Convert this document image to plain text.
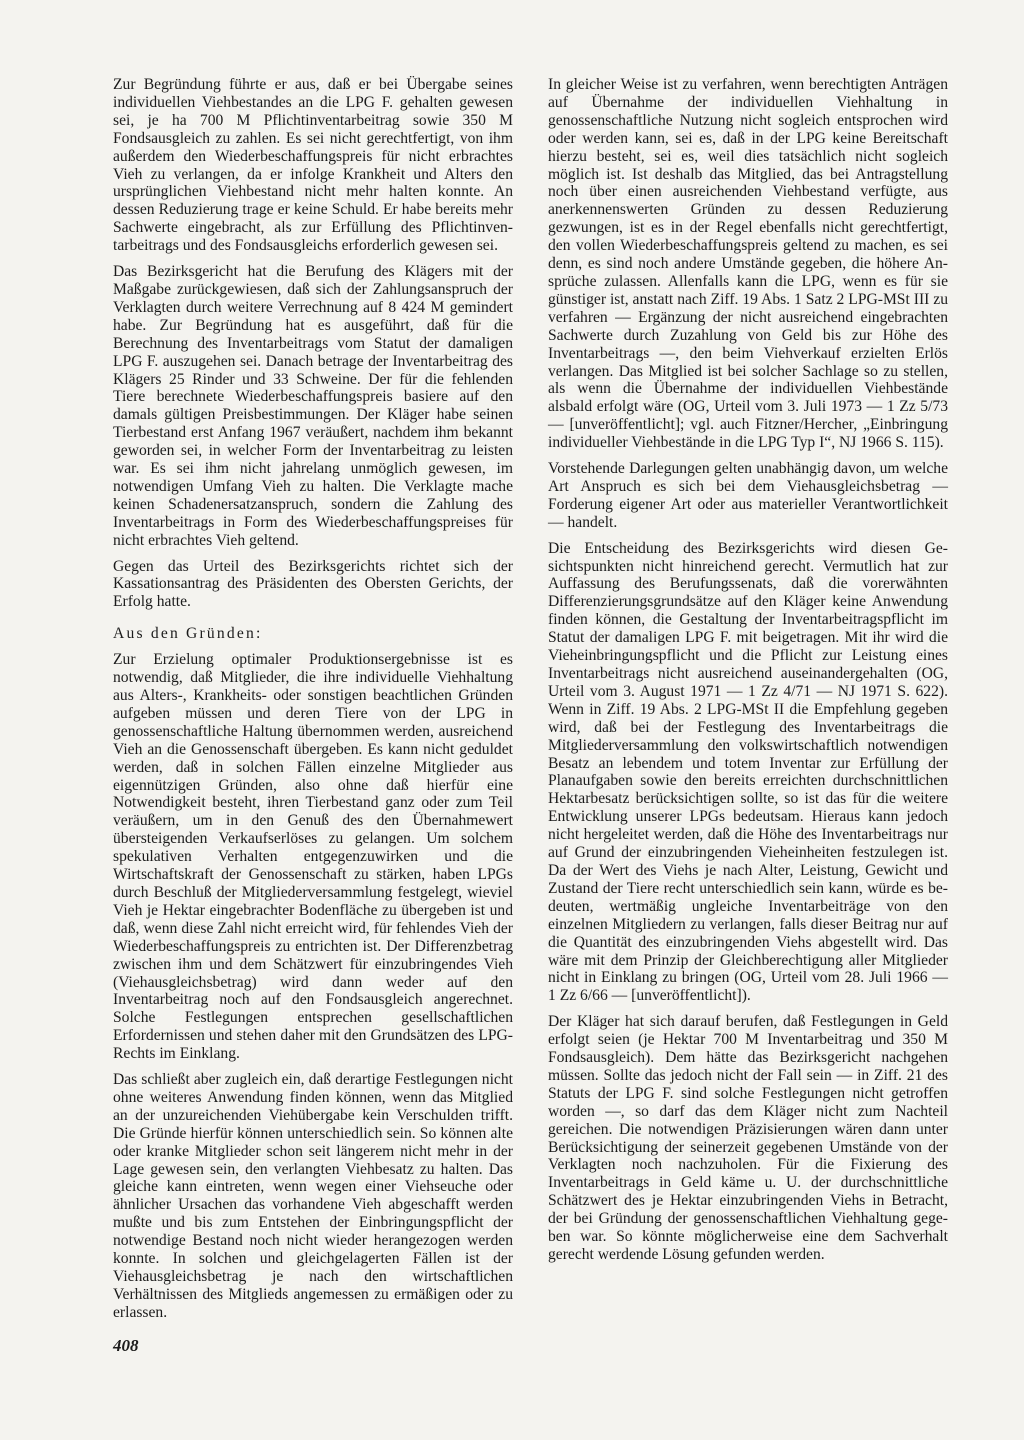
Zur Begründung führte er aus, daß er bei Übergabe seines individuellen Viehbestandes an die LPG F. gehalten gewesen sei, je ha 700 M Pflichtinventarbeitrag sowie 350 M Fondsausgleich zu zahlen. Es sei nicht gerechtfertigt, von ihm außerdem den Wiederbeschaffungspreis für nicht erbrachtes Vieh zu verlangen, da er infolge Krankheit und Alters den ursprünglichen Viehbestand nicht mehr halten konnte. An dessen Reduzierung trage er keine Schuld. Er habe bereits mehr Sachwerte eingebracht, als zur Erfüllung des Pflichtinventarbeitrags und des Fondsausgleichs erforderlich gewesen sei.

Das Bezirksgericht hat die Berufung des Klägers mit der Maßgabe zurückgewiesen, daß sich der Zahlungsanspruch der Verklagten durch weitere Verrechnung auf 8 424 M gemindert habe. Zur Begründung hat es ausgeführt, daß für die Berechnung des Inventarbeitrags vom Statut der damaligen LPG F. auszugehen sei. Danach betrage der Inventarbeitrag des Klägers 25 Rinder und 33 Schweine. Der für die fehlenden Tiere berechnete Wiederbeschaffungspreis basiere auf den damals gültigen Preisbestimmungen. Der Kläger habe seinen Tierbestand erst Anfang 1967 veräußert, nachdem ihm bekannt geworden sei, in welcher Form der Inventarbeitrag zu leisten war. Es sei ihm nicht jahrelang unmöglich gewesen, im notwendigen Umfang Vieh zu halten. Die Verklagte mache keinen Schadenersatzanspruch, sondern die Zahlung des Inventarbeitrags in Form des Wiederbeschaffungspreises für nicht erbrachtes Vieh geltend.

Gegen das Urteil des Bezirksgerichts richtet sich der Kassationsantrag des Präsidenten des Obersten Gerichts, der Erfolg hatte.

Aus den Gründen:

Zur Erzielung optimaler Produktionsergebnisse ist es notwendig, daß Mitglieder, die ihre individuelle Viehhaltung aus Alters-, Krankheits- oder sonstigen beachtlichen Gründen aufgeben müssen und deren Tiere von der LPG in genossenschaftliche Haltung übernommen werden, ausreichend Vieh an die Genossenschaft übergeben. Es kann nicht geduldet werden, daß in solchen Fällen einzelne Mitglieder aus eigennützigen Gründen, also ohne daß hierfür eine Notwendigkeit besteht, ihren Tierbestand ganz oder zum Teil veräußern, um in den Genuß des den Übernahmewert übersteigenden Verkaufserlöses zu gelangen. Um solchem spekulativen Verhalten entgegenzuwirken und die Wirtschaftskraft der Genossenschaft zu stärken, haben LPGs durch Beschluß der Mitgliederversammlung festgelegt, wieviel Vieh je Hektar eingebrachter Bodenfläche zu übergeben ist und daß, wenn diese Zahl nicht erreicht wird, für fehlendes Vieh der Wiederbeschaffungspreis zu entrichten ist. Der Differenzbetrag zwischen ihm und dem Schätzwert für einzubringendes Vieh (Viehausgleichsbetrag) wird dann weder auf den Inventarbeitrag noch auf den Fondsausgleich angerechnet. Solche Festlegungen entsprechen gesellschaftlichen Erfordernissen und stehen daher mit den Grundsätzen des LPG-Rechts im Einklang.

Das schließt aber zugleich ein, daß derartige Festlegungen nicht ohne weiteres Anwendung finden können, wenn das Mitglied an der unzureichenden Viehübergabe kein Verschulden trifft. Die Gründe hierfür können unterschiedlich sein. So können alte oder kranke Mitglieder schon seit längerem nicht mehr in der Lage gewesen sein, den verlangten Viehbesatz zu halten. Das gleiche kann eintreten, wenn wegen einer Viehseuche oder ähnlicher Ursachen das vorhandene Vieh abgeschafft werden mußte und bis zum Entstehen der Einbringungspflicht der notwendige Bestand noch nicht wieder herangezogen werden konnte. In solchen und gleichgelagerten Fällen ist der Viehausgleichsbetrag je nach den wirtschaftlichen Verhältnissen des Mitglieds angemessen zu ermäßigen oder zu erlassen.

In gleicher Weise ist zu verfahren, wenn berechtigten Anträgen auf Übernahme der individuellen Viehhaltung in genossenschaftliche Nutzung nicht sogleich entsprochen wird oder werden kann, sei es, daß in der LPG keine Bereitschaft hierzu besteht, sei es, weil dies tatsächlich nicht sogleich möglich ist. Ist deshalb das Mitglied, das bei Antragstellung noch über einen ausreichenden Viehbestand verfügte, aus anerkennenswerten Gründen zu dessen Reduzierung gezwungen, ist es in der Regel ebenfalls nicht gerechtfertigt, den vollen Wiederbeschaffungspreis geltend zu machen, es sei denn, es sind noch andere Umstände gegeben, die höhere Ansprüche zulassen. Allenfalls kann die LPG, wenn es für sie günstiger ist, anstatt nach Ziff. 19 Abs. 1 Satz 2 LPG-MSt III zu verfahren — Ergänzung der nicht ausreichend eingebrachten Sachwerte durch Zuzahlung von Geld bis zur Höhe des Inventarbeitrags —, den beim Viehverkauf erzielten Erlös verlangen. Das Mitglied ist bei solcher Sachlage so zu stellen, als wenn die Übernahme der individuellen Viehbestände alsbald erfolgt wäre (OG, Urteil vom 3. Juli 1973 — 1 Zz 5/73 — [unveröffentlicht]; vgl. auch Fitzner/Hercher, „Einbringung individueller Viehbestände in die LPG Typ I“, NJ 1966 S. 115).

Vorstehende Darlegungen gelten unabhängig davon, um welche Art Anspruch es sich bei dem Viehausgleichsbetrag — Forderung eigener Art oder aus materieller Verantwortlichkeit — handelt.

Die Entscheidung des Bezirksgerichts wird diesen Gesichtspunkten nicht hinreichend gerecht. Vermutlich hat zur Auffassung des Berufungssenats, daß die vorerwähnten Differenzierungsgrundsätze auf den Kläger keine Anwendung finden können, die Gestaltung der Inventarbeitragspflicht im Statut der damaligen LPG F. mit beigetragen. Mit ihr wird die Vieheinbringungspflicht und die Pflicht zur Leistung eines Inventarbeitrags nicht ausreichend auseinandergehalten (OG, Urteil vom 3. August 1971 — 1 Zz 4/71 — NJ 1971 S. 622). Wenn in Ziff. 19 Abs. 2 LPG-MSt II die Empfehlung gegeben wird, daß bei der Festlegung des Inventarbeitrags die Mitgliederversammlung den volkswirtschaftlich notwendigen Besatz an lebendem und totem Inventar zur Erfüllung der Planaufgaben sowie den bereits erreichten durchschnittlichen Hektarbesatz berücksichtigen sollte, so ist das für die weitere Entwicklung unserer LPGs bedeutsam. Hieraus kann jedoch nicht hergeleitet werden, daß die Höhe des Inventarbeitrags nur auf Grund der einzubringenden Vieheinheiten festzulegen ist. Da der Wert des Viehs je nach Alter, Leistung, Gewicht und Zustand der Tiere recht unterschiedlich sein kann, würde es bedeuten, wertmäßig ungleiche Inventarbeiträge von den einzelnen Mitgliedern zu verlangen, falls dieser Beitrag nur auf die Quantität des einzubringenden Viehs abgestellt wird. Das wäre mit dem Prinzip der Gleichberechtigung aller Mitglieder nicht in Einklang zu bringen (OG, Urteil vom 28. Juli 1966 — 1 Zz 6/66 — [unveröffentlicht]).

Der Kläger hat sich darauf berufen, daß Festlegungen in Geld erfolgt seien (je Hektar 700 M Inventarbeitrag und 350 M Fondsausgleich). Dem hätte das Bezirksgericht nachgehen müssen. Sollte das jedoch nicht der Fall sein — in Ziff. 21 des Statuts der LPG F. sind solche Festlegungen nicht getroffen worden —, so darf das dem Kläger nicht zum Nachteil gereichen. Die notwendigen Präzisierungen wären dann unter Berücksichtigung der seinerzeit gegebenen Umstände von der Verklagten noch nachzuholen. Für die Fixierung des Inventarbeitrags in Geld käme u. U. der durchschnittliche Schätzwert des je Hektar einzubringenden Viehs in Betracht, der bei Gründung der genossenschaftlichen Viehhaltung gegeben war. So könnte möglicherweise eine dem Sachverhalt gerecht werdende Lösung gefunden werden.

408
